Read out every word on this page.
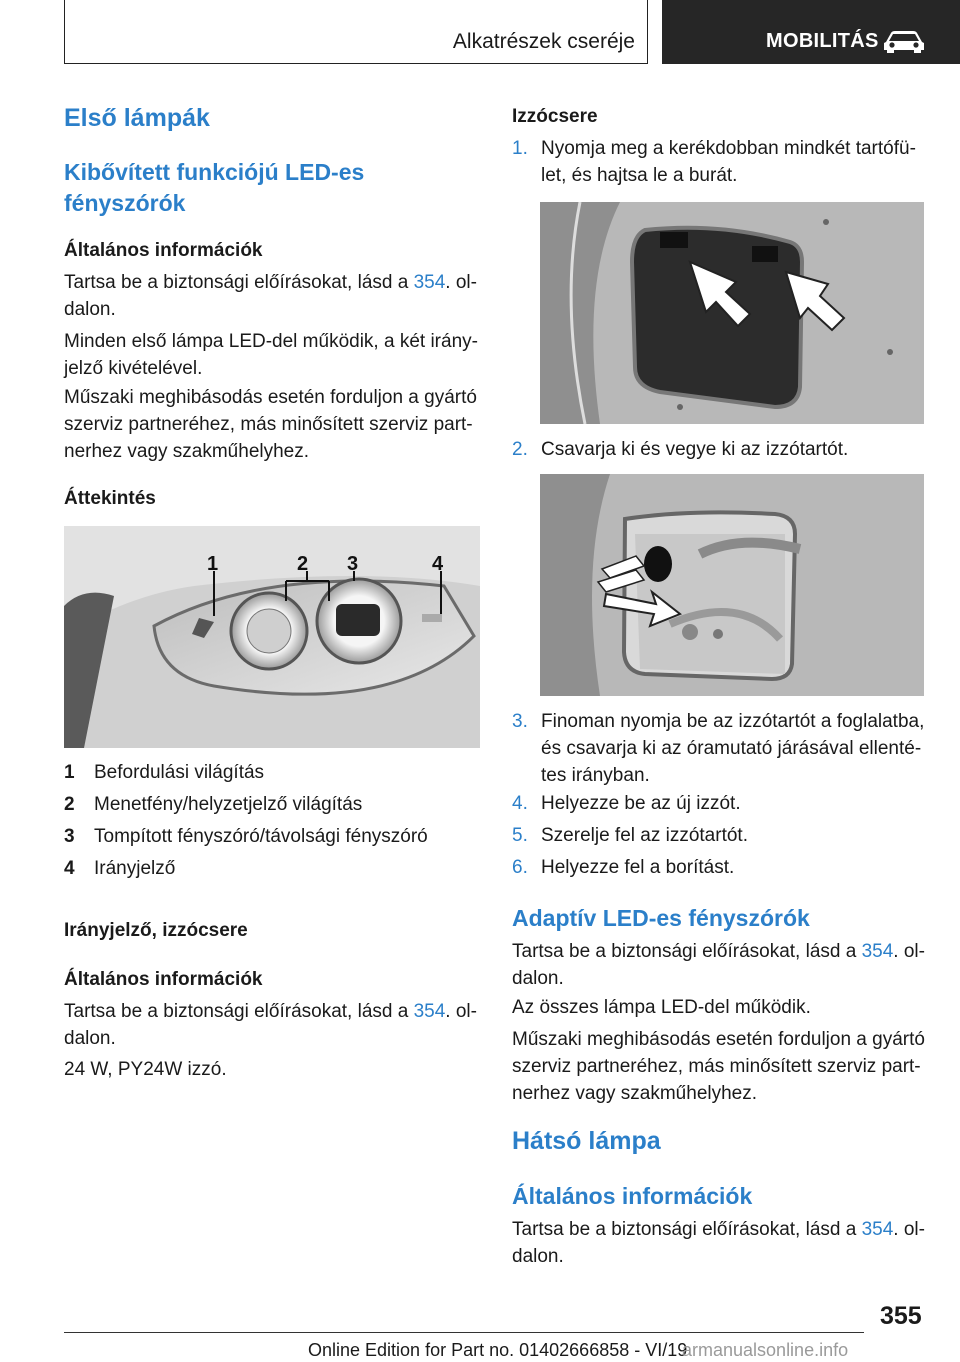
Alkatrészek cseréje	MOBILITÁS
Első lámpák
Kibővített funkciójú LED-es
fényszórók
Általános információk
Tartsa be a biztonsági előírásokat, lásd a 354. ol-
dalon.
Minden első lámpa LED-del működik, a két irány-
jelző kivételével.
Műszaki meghibásodás esetén forduljon a gyártó
szerviz partneréhez, más minősített szerviz part-
nerhez vagy szakműhelyhez.
Áttekintés
1	2 3	4
1 Befordulási világítás
2 Menetfény/helyzetjelző világítás
3 Tompított fényszóró/távolsági fényszóró
4 Irányjelző
Irányjelző, izzócsere
Általános információk
Tartsa be a biztonsági előírásokat, lásd a 354. ol-
dalon.
24 W, PY24W izzó.
Izzócsere
1. Nyomja meg a kerékdobban mindkét tartófü-
let, és hajtsa le a burát.
2. Csavarja ki és vegye ki az izzótartót.
3. Finoman nyomja be az izzótartót a foglalatba,
és csavarja ki az óramutató járásával ellenté-
tes irányban.
4. Helyezze be az új izzót.
5. Szerelje fel az izzótartót.
6. Helyezze fel a borítást.
Adaptív LED-es fényszórók
Tartsa be a biztonsági előírásokat, lásd a 354. ol-
dalon.
Az összes lámpa LED-del működik.
Műszaki meghibásodás esetén forduljon a gyártó
szerviz partneréhez, más minősített szerviz part-
nerhez vagy szakműhelyhez.
Hátsó lámpa
Általános információk
Tartsa be a biztonsági előírásokat, lásd a 354. ol-
dalon.
355
Online Edition for Part no. 01402666858 - VI/19
armanualsonline.info
